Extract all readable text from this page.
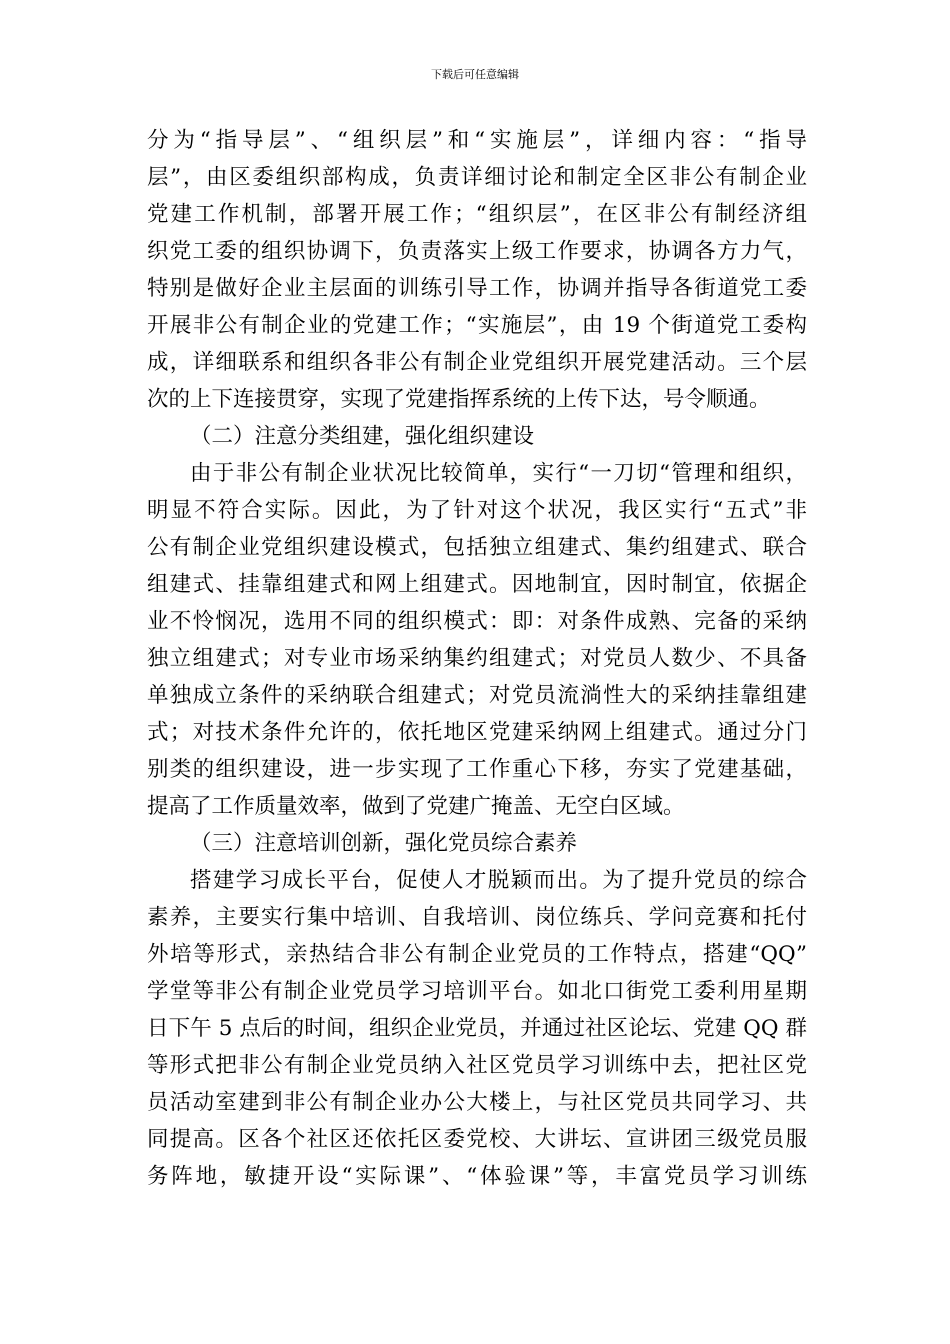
下载后可任意编辑
分为“指导层”、“组织层”和“实施层”，详细内容：“指导
层”，由区委组织部构成，负责详细讨论和制定全区非公有制企业
党建工作机制，部署开展工作；“组织层”，在区非公有制经济组
织党工委的组织协调下，负责落实上级工作要求，协调各方力气，
特别是做好企业主层面的训练引导工作，协调并指导各街道党工委
开展非公有制企业的党建工作；“实施层”，由 19 个街道党工委构
成，详细联系和组织各非公有制企业党组织开展党建活动。三个层
次的上下连接贯穿，实现了党建指挥系统的上传下达，号令顺通。
（二）注意分类组建，强化组织建设
由于非公有制企业状况比较简单，实行“一刀切“管理和组织，
明显不符合实际。因此，为了针对这个状况，我区实行“五式”非
公有制企业党组织建设模式，包括独立组建式、集约组建式、联合
组建式、挂靠组建式和网上组建式。因地制宜，因时制宜，依据企
业不怜悯况，选用不同的组织模式：即：对条件成熟、完备的采纳
独立组建式；对专业市场采纳集约组建式；对党员人数少、不具备
单独成立条件的采纳联合组建式；对党员流淌性大的采纳挂靠组建
式；对技术条件允许的，依托地区党建采纳网上组建式。通过分门
别类的组织建设，进一步实现了工作重心下移，夯实了党建基础，
提高了工作质量效率，做到了党建广掩盖、无空白区域。
（三）注意培训创新，强化党员综合素养
搭建学习成长平台，促使人才脱颖而出。为了提升党员的综合
素养，主要实行集中培训、自我培训、岗位练兵、学问竞赛和托付
外培等形式，亲热结合非公有制企业党员的工作特点，搭建“QQ”
学堂等非公有制企业党员学习培训平台。如北口街党工委利用星期
日下午 5 点后的时间，组织企业党员，并通过社区论坛、党建 QQ 群
等形式把非公有制企业党员纳入社区党员学习训练中去，把社区党
员活动室建到非公有制企业办公大楼上，与社区党员共同学习、共
同提高。区各个社区还依托区委党校、大讲坛、宣讲团三级党员服
务阵地，敏捷开设“实际课”、“体验课”等，丰富党员学习训练
